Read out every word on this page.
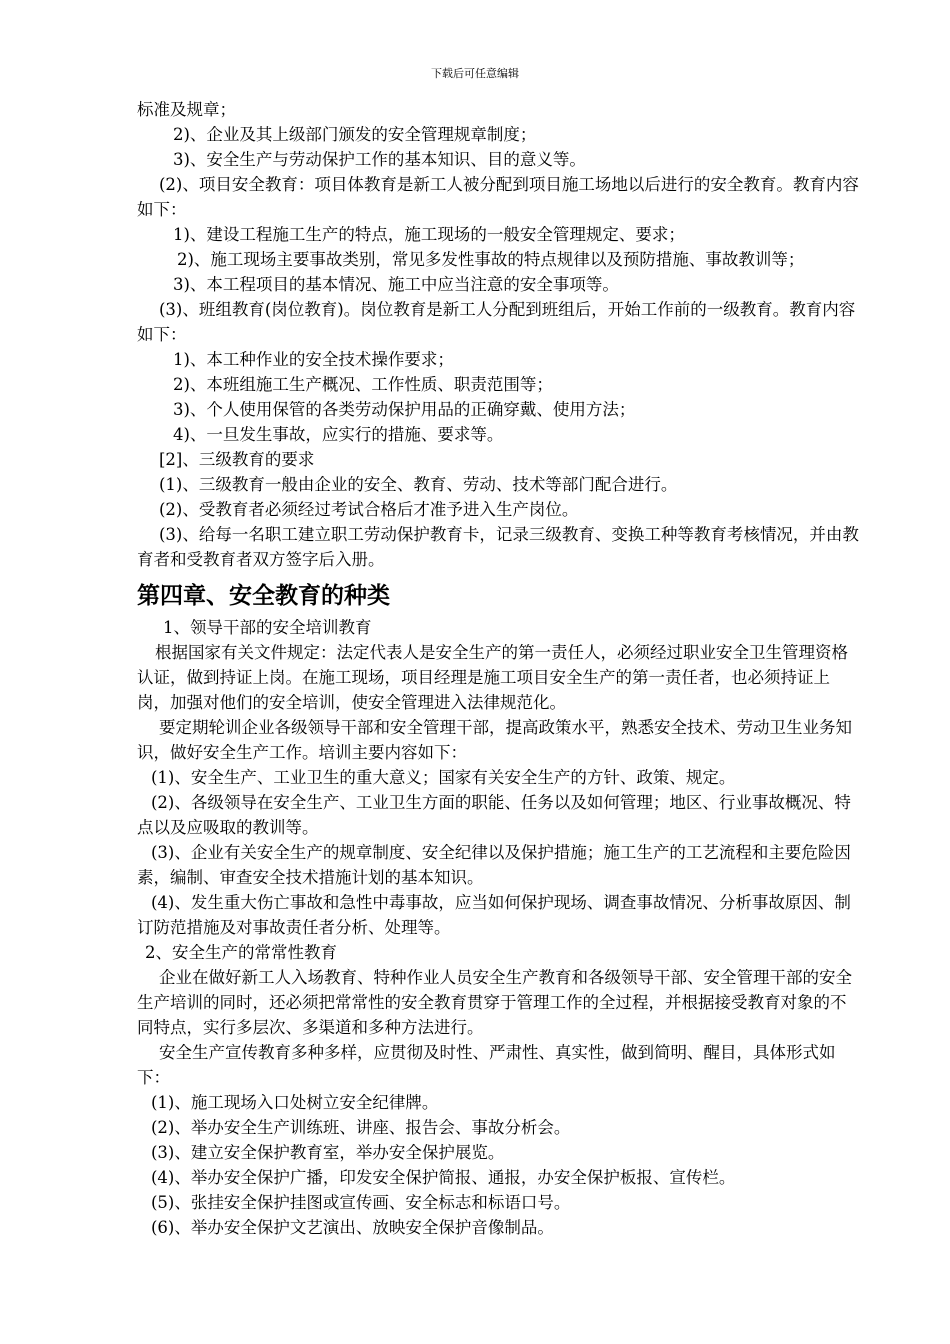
下载后可任意编辑
标准及规章；
2)、企业及其上级部门颁发的安全管理规章制度；
3)、安全生产与劳动保护工作的基本知识、目的意义等。
(2)、项目安全教育：项目体教育是新工人被分配到项目施工场地以后进行的安全教育。教育内容如下：
1)、建设工程施工生产的特点，施工现场的一般安全管理规定、要求；
2)、施工现场主要事故类别，常见多发性事故的特点规律以及预防措施、事故教训等；
3)、本工程项目的基本情况、施工中应当注意的安全事项等。
(3)、班组教育(岗位教育)。岗位教育是新工人分配到班组后，开始工作前的一级教育。教育内容如下：
1)、本工种作业的安全技术操作要求；
2)、本班组施工生产概况、工作性质、职责范围等；
3)、个人使用保管的各类劳动保护用品的正确穿戴、使用方法；
4)、一旦发生事故，应实行的措施、要求等。
[2]、三级教育的要求
(1)、三级教育一般由企业的安全、教育、劳动、技术等部门配合进行。
(2)、受教育者必须经过考试合格后才准予进入生产岗位。
(3)、给每一名职工建立职工劳动保护教育卡，记录三级教育、变换工种等教育考核情况，并由教育者和受教育者双方签字后入册。
第四章、安全教育的种类
1、领导干部的安全培训教育
根据国家有关文件规定：法定代表人是安全生产的第一责任人，必须经过职业安全卫生管理资格认证，做到持证上岗。在施工现场，项目经理是施工项目安全生产的第一责任者，也必须持证上岗，加强对他们的安全培训，使安全管理进入法律规范化。
要定期轮训企业各级领导干部和安全管理干部，提高政策水平，熟悉安全技术、劳动卫生业务知识，做好安全生产工作。培训主要内容如下：
(1)、安全生产、工业卫生的重大意义；国家有关安全生产的方针、政策、规定。
(2)、各级领导在安全生产、工业卫生方面的职能、任务以及如何管理；地区、行业事故概况、特点以及应吸取的教训等。
(3)、企业有关安全生产的规章制度、安全纪律以及保护措施；施工生产的工艺流程和主要危险因素，编制、审查安全技术措施计划的基本知识。
(4)、发生重大伤亡事故和急性中毒事故，应当如何保护现场、调查事故情况、分析事故原因、制订防范措施及对事故责任者分析、处理等。
2、安全生产的常常性教育
企业在做好新工人入场教育、特种作业人员安全生产教育和各级领导干部、安全管理干部的安全生产培训的同时，还必须把常常性的安全教育贯穿于管理工作的全过程，并根据接受教育对象的不同特点，实行多层次、多渠道和多种方法进行。
安全生产宣传教育多种多样，应贯彻及时性、严肃性、真实性，做到简明、醒目，具体形式如下：
(1)、施工现场入口处树立安全纪律牌。
(2)、举办安全生产训练班、讲座、报告会、事故分析会。
(3)、建立安全保护教育室，举办安全保护展览。
(4)、举办安全保护广播，印发安全保护简报、通报，办安全保护板报、宣传栏。
(5)、张挂安全保护挂图或宣传画、安全标志和标语口号。
(6)、举办安全保护文艺演出、放映安全保护音像制品。
